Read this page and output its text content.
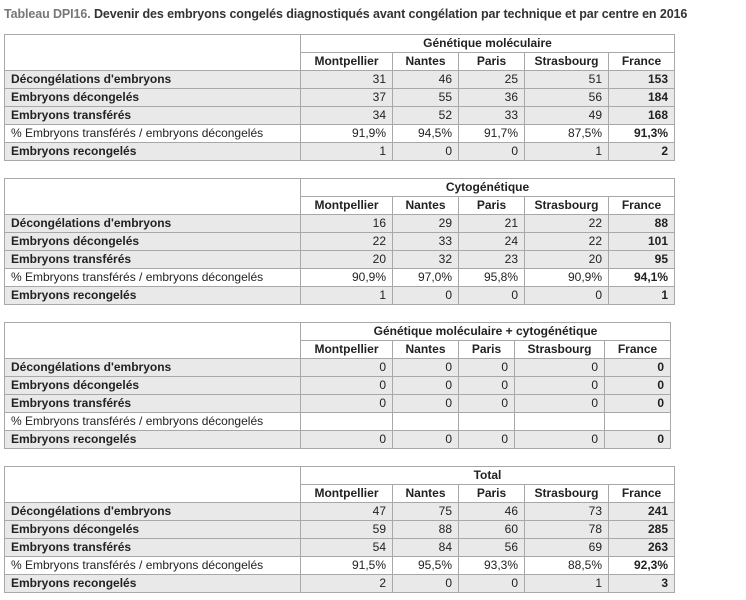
Tableau DPI16. Devenir des embryons congelés diagnostiqués avant congélation par technique et par centre en 2016
	Génétique moléculaire				
	Montpellier	Nantes	Paris	Strasbourg	France
Décongélations d'embryons	31	46	25	51	153
Embryons décongelés	37	55	36	56	184
Embryons transférés	34	52	33	49	168
% Embryons transférés / embryons décongelés	91,9%	94,5%	91,7%	87,5%	91,3%
Embryons recongelés	1	0	0	1	2
	Cytogénétique				
	Montpellier	Nantes	Paris	Strasbourg	France
Décongélations d'embryons	16	29	21	22	88
Embryons décongelés	22	33	24	22	101
Embryons transférés	20	32	23	20	95
% Embryons transférés / embryons décongelés	90,9%	97,0%	95,8%	90,9%	94,1%
Embryons recongelés	1	0	0	0	1
	Génétique moléculaire + cytogénétique				
	Montpellier	Nantes	Paris	Strasbourg	France
Décongélations d'embryons	0	0	0	0	0
Embryons décongelés	0	0	0	0	0
Embryons transférés	0	0	0	0	0
% Embryons transférés / embryons décongelés					
Embryons recongelés	0	0	0	0	0
	Total				
	Montpellier	Nantes	Paris	Strasbourg	France
Décongélations d'embryons	47	75	46	73	241
Embryons décongelés	59	88	60	78	285
Embryons transférés	54	84	56	69	263
% Embryons transférés / embryons décongelés	91,5%	95,5%	93,3%	88,5%	92,3%
Embryons recongelés	2	0	0	1	3
